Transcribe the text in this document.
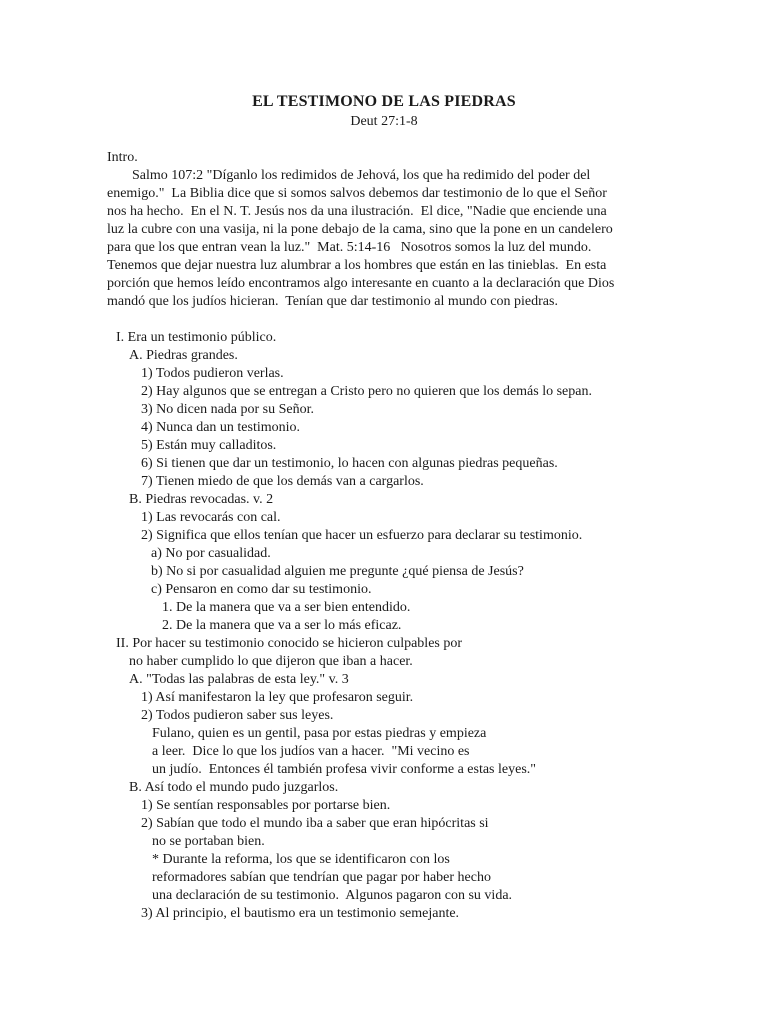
EL TESTIMONO DE LAS PIEDRAS
Deut 27:1-8
Intro.
Salmo 107:2 "Díganlo los redimidos de Jehová, los que ha redimido del poder del
enemigo."  La Biblia dice que si somos salvos debemos dar testimonio de lo que el Señor
nos ha hecho.  En el N. T. Jesús nos da una ilustración.  El dice, "Nadie que enciende una
luz la cubre con una vasija, ni la pone debajo de la cama, sino que la pone en un candelero
para que los que entran vean la luz."  Mat. 5:14-16   Nosotros somos la luz del mundo.
Tenemos que dejar nuestra luz alumbrar a los hombres que están en las tinieblas.  En esta
porción que hemos leído encontramos algo interesante en cuanto a la declaración que Dios
mandó que los judíos hicieran.  Tenían que dar testimonio al mundo con piedras.
I. Era un testimonio público.
A. Piedras grandes.
1) Todos pudieron verlas.
2) Hay algunos que se entregan a Cristo pero no quieren que los demás lo sepan.
3) No dicen nada por su Señor.
4) Nunca dan un testimonio.
5) Están muy calladitos.
6) Si tienen que dar un testimonio, lo hacen con algunas piedras pequeñas.
7) Tienen miedo de que los demás van a cargarlos.
B. Piedras revocadas. v. 2
1) Las revocarás con cal.
2) Significa que ellos tenían que hacer un esfuerzo para declarar su testimonio.
a) No por casualidad.
b) No si por casualidad alguien me pregunte ¿qué piensa de Jesús?
c) Pensaron en como dar su testimonio.
1. De la manera que va a ser bien entendido.
2. De la manera que va a ser lo más eficaz.
II. Por hacer su testimonio conocido se hicieron culpables por
no haber cumplido lo que dijeron que iban a hacer.
A. "Todas las palabras de esta ley." v. 3
1) Así manifestaron la ley que profesaron seguir.
2) Todos pudieron saber sus leyes.
Fulano, quien es un gentil, pasa por estas piedras y empieza
a leer.  Dice lo que los judíos van a hacer.  "Mi vecino es
un judío.  Entonces él también profesa vivir conforme a estas leyes."
B. Así todo el mundo pudo juzgarlos.
1) Se sentían responsables por portarse bien.
2) Sabían que todo el mundo iba a saber que eran hipócritas si
no se portaban bien.
* Durante la reforma, los que se identificaron con los
reformadores sabían que tendrían que pagar por haber hecho
una declaración de su testimonio.  Algunos pagaron con su vida.
3) Al principio, el bautismo era un testimonio semejante.
